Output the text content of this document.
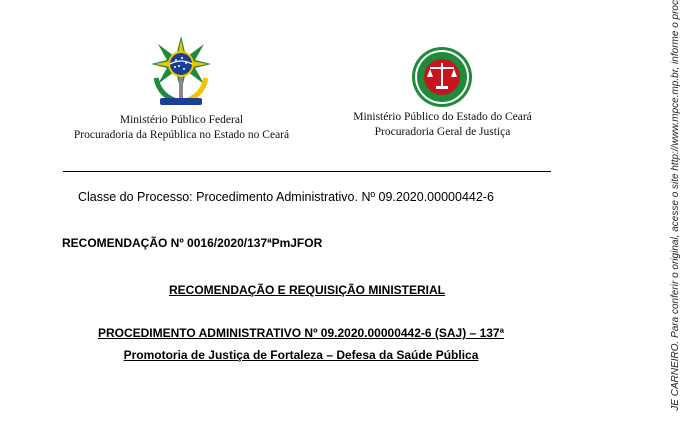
Ministério Público Federal
Procuradoria da República no Estado no Ceará
Ministério Público do Estado do Ceará
Procuradoria Geral de Justiça
Classe do Processo: Procedimento Administrativo. Nº 09.2020.00000442-6
RECOMENDAÇÃO Nº 0016/2020/137ªPmJFOR
RECOMENDAÇÃO E REQUISIÇÃO MINISTERIAL
PROCEDIMENTO ADMINISTRATIVO Nº 09.2020.00000442-6 (SAJ) – 137ª
Promotoria de Justiça de Fortaleza – Defesa da Saúde Pública	JE CARNEIRO. Para conferir o original, acesse o site http://www.mpce.mp.br, informe o proc
